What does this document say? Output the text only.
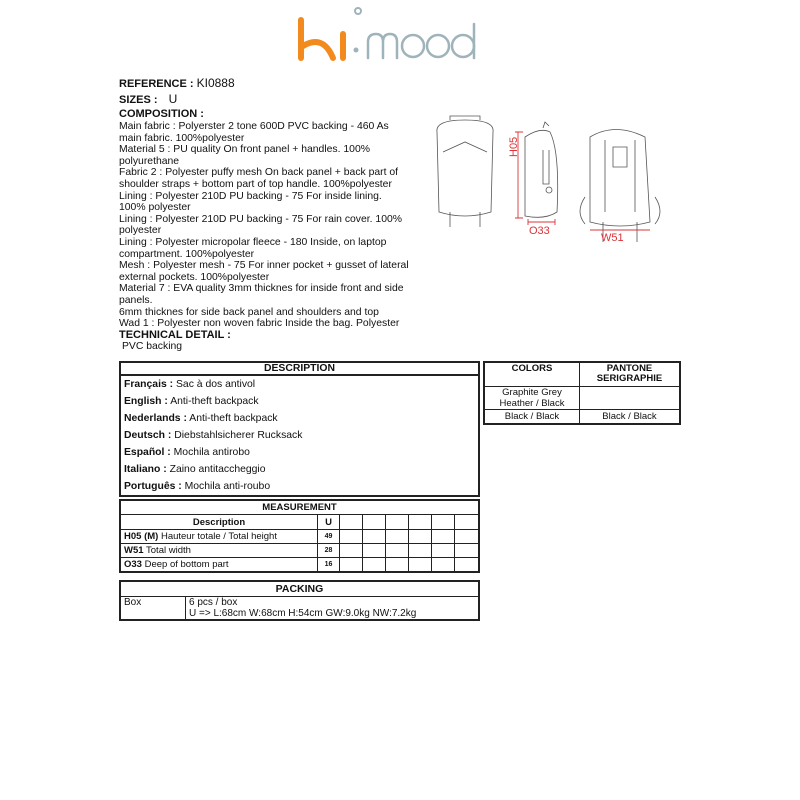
REFERENCE : KI0888
SIZES : U
COMPOSITION :
Main fabric : Polyerster 2 tone 600D PVC backing - 460 As main fabric. 100%polyester
Material 5 : PU quality On front panel + handles. 100% polyurethane
Fabric 2 : Polyester puffy mesh On back panel + back part of shoulder straps + bottom part of top handle. 100%polyester
Lining : Polyester 210D PU backing - 75 For inside lining. 100% polyester
Lining : Polyester 210D PU backing - 75 For rain cover. 100% polyester
Lining : Polyester micropolar fleece - 180 Inside, on laptop compartment. 100%polyester
Mesh : Polyester mesh - 75 For inner pocket + gusset of lateral external pockets. 100%polyester
Material 7 : EVA quality 3mm thicknes for inside front and side panels.
6mm thicknes for side back panel and shoulders and top
Wad 1 : Polyester non woven fabric Inside the bag. Polyester
TECHNICAL DETAIL :
PVC backing
H05
O33
W51
DESCRIPTION
Français : Sac à dos antivol
English : Anti-theft backpack
Nederlands : Anti-theft backpack
Deutsch : Diebstahlsicherer Rucksack
Español : Mochila antirobo
Italiano : Zaino antitaccheggio
Português : Mochila anti-roubo
COLORS	PANTONE SERIGRAPHIE
Graphite Grey Heather / Black	
Black / Black	Black / Black
MEASUREMENT							
Description	U						
H05 (M) Hauteur totale / Total height	49						
W51 Total width	28						
O33 Deep of bottom part	16						
PACKING
Box	6 pcs / box
U => L:68cm W:68cm H:54cm GW:9.0kg NW:7.2kg
